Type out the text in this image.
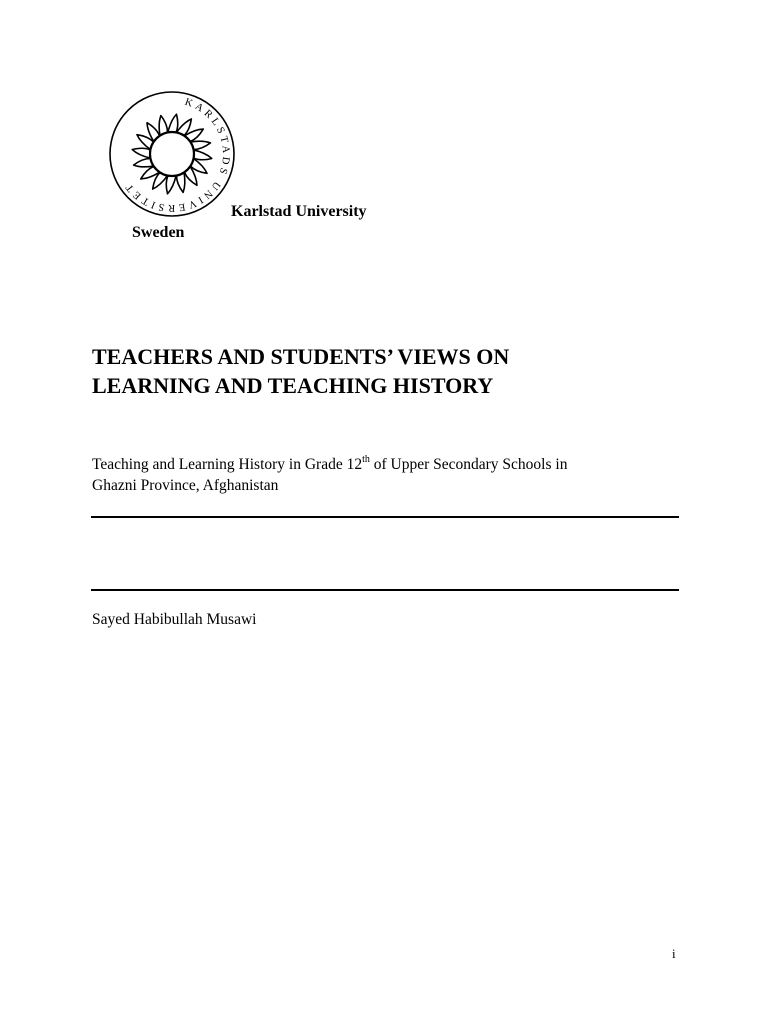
KARLSTADS UNIVERSITET
Karlstad University
Sweden
TEACHERS AND STUDENTS’ VIEWS ON
LEARNING AND TEACHING HISTORY

Teaching and Learning History in Grade 12th of Upper Secondary Schools in
Ghazni Province, Afghanistan

Sayed Habibullah Musawi
i
